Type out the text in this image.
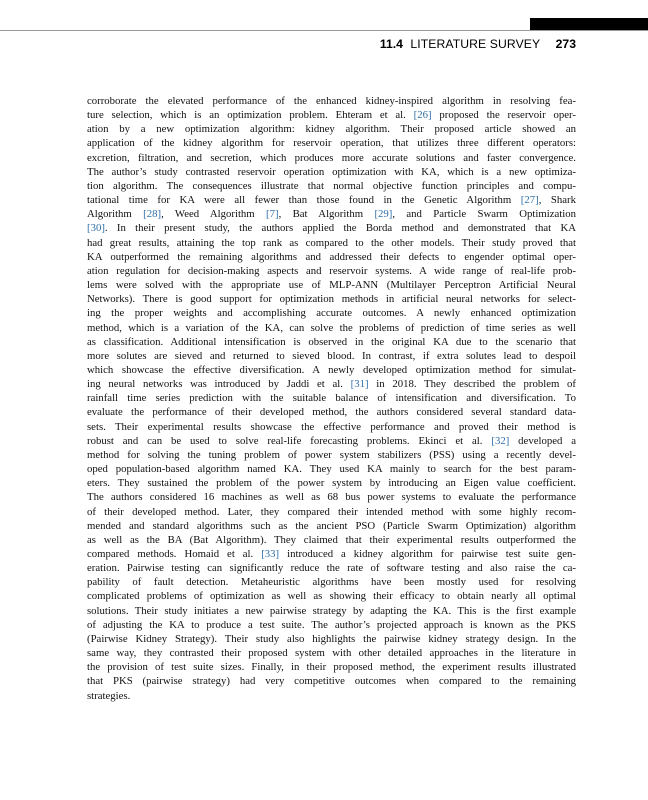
11.4 LITERATURE SURVEY 273
corroborate the elevated performance of the enhanced kidney-inspired algorithm in resolving fea-
ture selection, which is an optimization problem. Ehteram et al. [26] proposed the reservoir oper-
ation by a new optimization algorithm: kidney algorithm. Their proposed article showed an
application of the kidney algorithm for reservoir operation, that utilizes three different operators:
excretion, filtration, and secretion, which produces more accurate solutions and faster convergence.
The author’s study contrasted reservoir operation optimization with KA, which is a new optimiza-
tion algorithm. The consequences illustrate that normal objective function principles and compu-
tational time for KA were all fewer than those found in the Genetic Algorithm [27], Shark
Algorithm [28], Weed Algorithm [7], Bat Algorithm [29], and Particle Swarm Optimization
[30]. In their present study, the authors applied the Borda method and demonstrated that KA
had great results, attaining the top rank as compared to the other models. Their study proved that
KA outperformed the remaining algorithms and addressed their defects to engender optimal oper-
ation regulation for decision-making aspects and reservoir systems. A wide range of real-life prob-
lems were solved with the appropriate use of MLP-ANN (Multilayer Perceptron Artificial Neural
Networks). There is good support for optimization methods in artificial neural networks for select-
ing the proper weights and accomplishing accurate outcomes. A newly enhanced optimization
method, which is a variation of the KA, can solve the problems of prediction of time series as well
as classification. Additional intensification is observed in the original KA due to the scenario that
more solutes are sieved and returned to sieved blood. In contrast, if extra solutes lead to despoil
which showcase the effective diversification. A newly developed optimization method for simulat-
ing neural networks was introduced by Jaddi et al. [31] in 2018. They described the problem of
rainfall time series prediction with the suitable balance of intensification and diversification. To
evaluate the performance of their developed method, the authors considered several standard data-
sets. Their experimental results showcase the effective performance and proved their method is
robust and can be used to solve real-life forecasting problems. Ekinci et al. [32] developed a
method for solving the tuning problem of power system stabilizers (PSS) using a recently devel-
oped population-based algorithm named KA. They used KA mainly to search for the best param-
eters. They sustained the problem of the power system by introducing an Eigen value coefficient.
The authors considered 16 machines as well as 68 bus power systems to evaluate the performance
of their developed method. Later, they compared their intended method with some highly recom-
mended and standard algorithms such as the ancient PSO (Particle Swarm Optimization) algorithm
as well as the BA (Bat Algorithm). They claimed that their experimental results outperformed the
compared methods. Homaid et al. [33] introduced a kidney algorithm for pairwise test suite gen-
eration. Pairwise testing can significantly reduce the rate of software testing and also raise the ca-
pability of fault detection. Metaheuristic algorithms have been mostly used for resolving
complicated problems of optimization as well as showing their efficacy to obtain nearly all optimal
solutions. Their study initiates a new pairwise strategy by adapting the KA. This is the first example
of adjusting the KA to produce a test suite. The author’s projected approach is known as the PKS
(Pairwise Kidney Strategy). Their study also highlights the pairwise kidney strategy design. In the
same way, they contrasted their proposed system with other detailed approaches in the literature in
the provision of test suite sizes. Finally, in their proposed method, the experiment results illustrated
that PKS (pairwise strategy) had very competitive outcomes when compared to the remaining
strategies.
